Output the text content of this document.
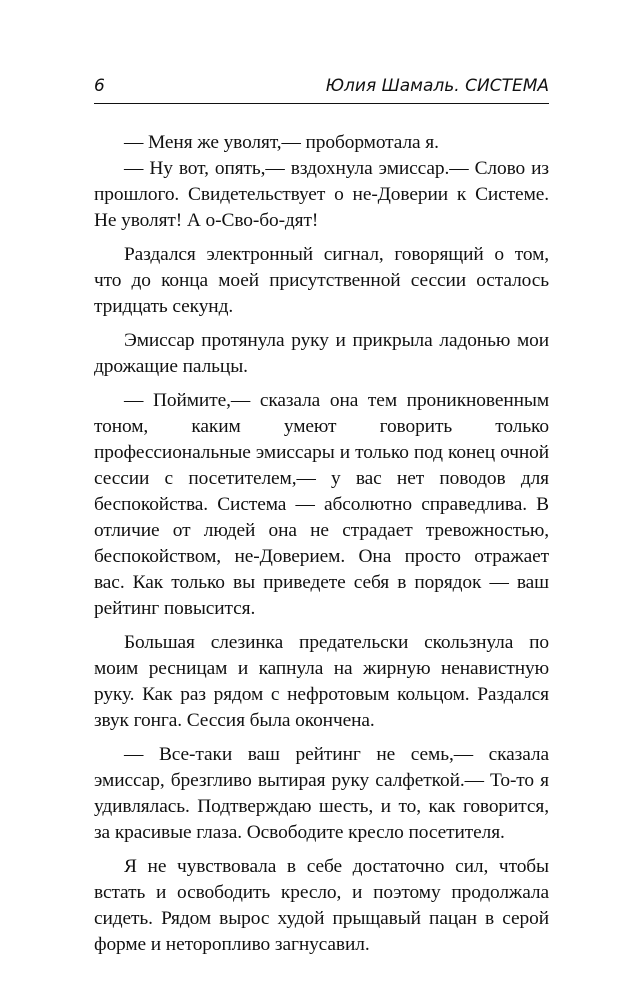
6	Юлия Шамаль. СИСТЕМА

— Меня же уволят,— пробормотала я.

— Ну вот, опять,— вздохнула эмиссар.— Слово из прошлого. Свидетельствует о не-Доверии к Системе. Не уволят! А о-Сво-бо-дят!

Раздался электронный сигнал, говорящий о том, что до конца моей присутственной сессии осталось тридцать секунд.

Эмиссар протянула руку и прикрыла ладонью мои дрожащие пальцы.

— Поймите,— сказала она тем проникновенным тоном, каким умеют говорить только профессиональные эмиссары и только под конец очной сессии с посетителем,— у вас нет поводов для беспокойства. Система — абсолютно справедлива. В отличие от людей она не страдает тревожностью, беспокойством, не-Доверием. Она просто отражает вас. Как только вы приведете себя в порядок — ваш рейтинг повысится.

Большая слезинка предательски скользнула по моим ресницам и капнула на жирную ненавистную руку. Как раз рядом с нефротовым кольцом. Раздался звук гонга. Сессия была окончена.

— Все-таки ваш рейтинг не семь,— сказала эмиссар, брезгливо вытирая руку салфеткой.— То-то я удивлялась. Подтверждаю шесть, и то, как говорится, за красивые глаза. Освободите кресло посетителя.

Я не чувствовала в себе достаточно сил, чтобы встать и освободить кресло, и поэтому продолжала сидеть. Рядом вырос худой прыщавый пацан в серой форме и неторопливо загнусавил.
